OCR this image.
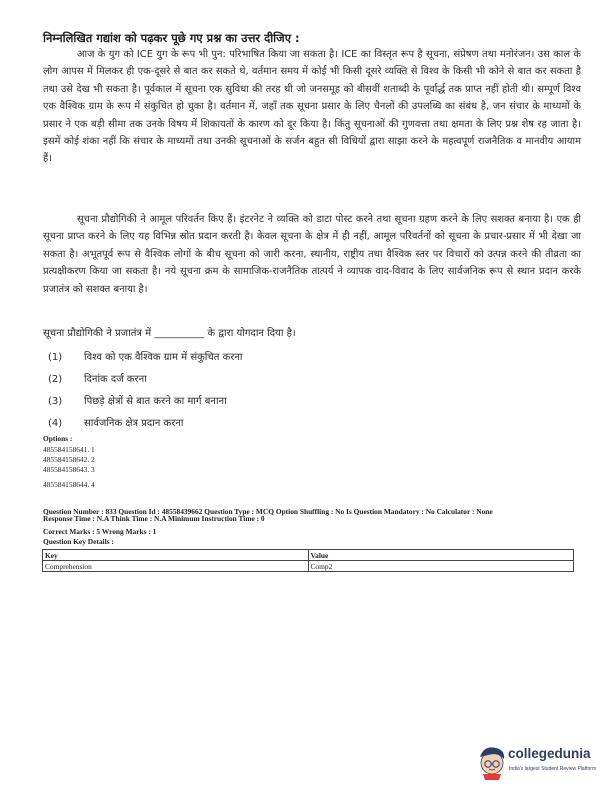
निम्नलिखित गद्यांश को पढ़कर पूछे गए प्रश्न का उत्तर दीजिए :
आज के युग को ICE युग के रूप भी पुन: परिभाषित किया जा सकता है। ICE का विस्तृत रूप है सूचना, संप्रेषण तथा मनोरंजन। उस काल के लोग आपस में मिलकर ही एक-दूसरे से बात कर सकते थे, वर्तमान समय में कोई भी किसी दूसरे व्यक्ति से विश्व के किसी भी कोने से बात कर सकता है तथा उसे देख भी सकता है। पूर्वकाल में सूचना एक सुविधा की तरह थी जो जनसमूह को बीसवीं शताब्दी के पूर्वार्द्ध तक प्राप्त नहीं होती थी। सम्पूर्ण विश्व एक वैश्विक ग्राम के रूप में संकुचित हो चुका है। वर्तमान में, जहाँ तक सूचना प्रसार के लिए चैनलों की उपलब्धि का संबंध है, जन संचार के माध्यमों के प्रसार ने एक बड़ी सीमा तक उनके विषय में शिकायतों के कारण को दूर किया है। किंतु सूचनाओं की गुणवत्ता तथा क्षमता के लिए प्रश्न शेष रह जाता है। इसमें कोई शंका नहीं कि संचार के माध्यमों तथा उनकी सूचनाओं के सर्जन बहुत सी विधियों द्वारा साझा करने के महत्वपूर्ण राजनैतिक व मानवीय आयाम हैं।
सूचना प्रौद्योगिकी ने आमूल परिवर्तन किए हैं। इंटरनेट ने व्यक्ति को डाटा पोस्ट करने तथा सूचना ग्रहण करने के लिए सशक्त बनाया है। एक ही सूचना प्राप्त करने के लिए यह विभिन्न स्रोत प्रदान करती है। केवल सूचना के क्षेत्र में ही नहीं, आमूल परिवर्तनों को सूचना के प्रचार-प्रसार में भी देखा जा सकता है। अभूतपूर्व रूप से वैश्विक लोगों के बीच सूचना को जारी करना, स्थानीय, राष्ट्रीय तथा वैश्विक स्तर पर विचारों को उत्पन्न करने की तीव्रता का प्रत्यक्षीकरण किया जा सकता है। नये सूचना क्रम के सामाजिक-राजनैतिक तात्पर्य ने व्यापक वाद-विवाद के लिए सार्वजनिक रूप से स्थान प्रदान करके प्रजातंत्र को सशक्त बनाया है।
सूचना प्रौद्योगिकी ने प्रजातंत्र में __________ के द्वारा योगदान दिया है।
(1) विश्व को एक वैश्विक ग्राम में संकुचित करना
(2) दिनांक दर्ज करना
(3) पिछड़े क्षेत्रों से बात करने का मार्ग बनाना
(4) सार्वजनिक क्षेत्र प्रदान करना
Options :
485584158641. 1
485584158642. 2
485584158643. 3
485584158644. 4
Question Number : 833 Question Id : 48558439662 Question Type : MCQ Option Shuffling : No Is Question Mandatory : No Calculator : None
Response Time : N.A Think Time : N.A Minimum Instruction Time : 0
Correct Marks : 5 Wrong Marks : 1
Question Key Details :
Key	Value
Comprehension	Comp2
collegedunia
India's largest Student Review Platform
